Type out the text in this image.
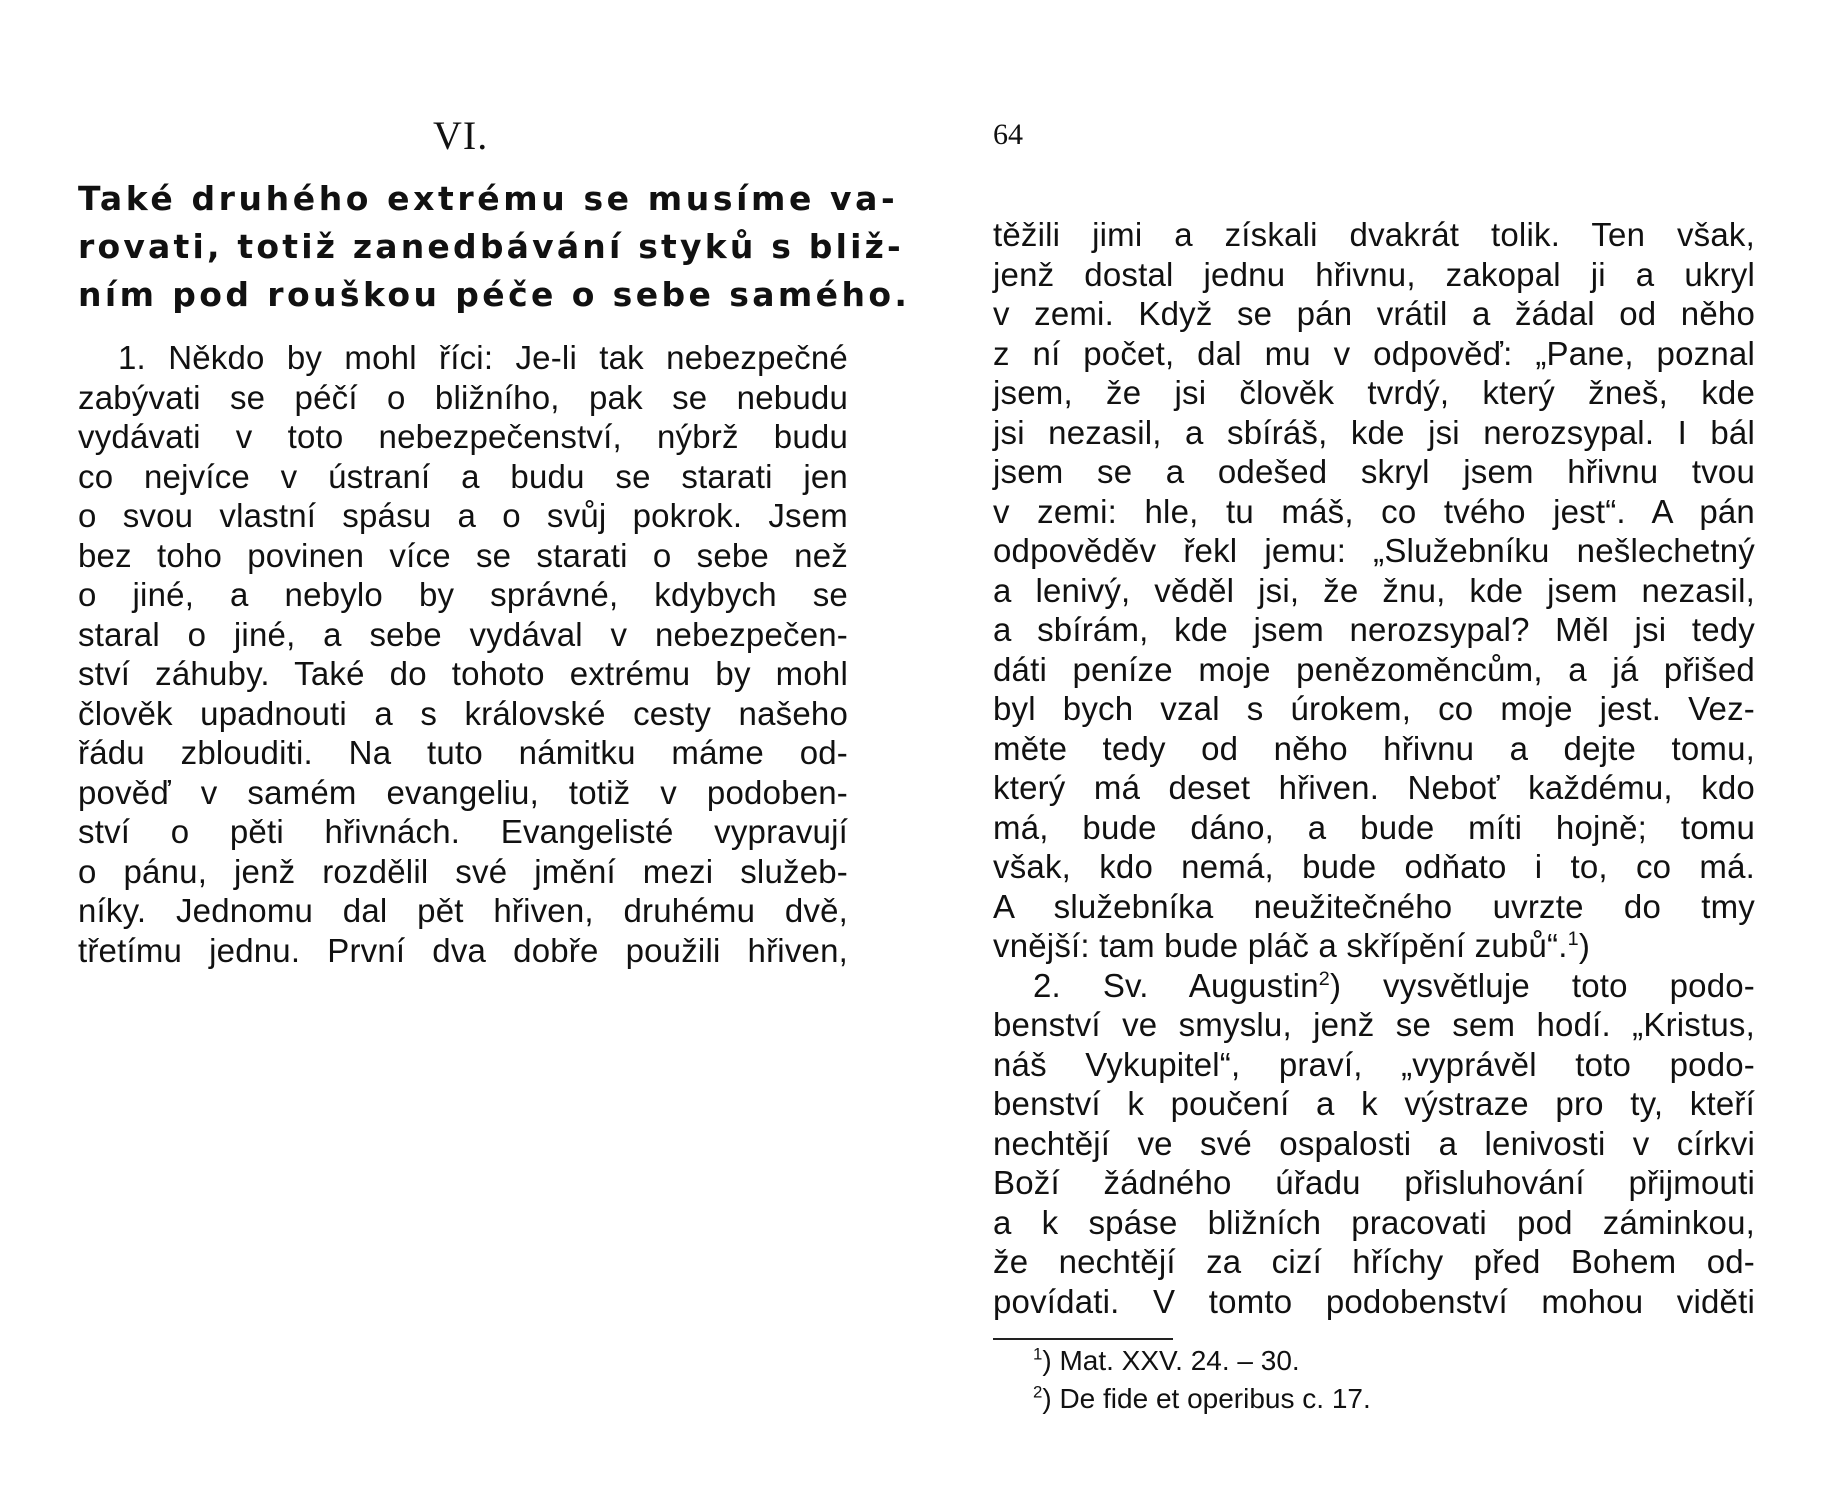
VI.
Také druhého extrému se musíme va-
rovati, totiž zanedbávání styků s bliž-
ním pod rouškou péče o sebe samého.
1. Někdo by mohl říci: Je-li tak nebezpečné
zabývati se péčí o bližního, pak se nebudu
vydávati v toto nebezpečenství, nýbrž budu
co nejvíce v ústraní a budu se starati jen
o svou vlastní spásu a o svůj pokrok. Jsem
bez toho povinen více se starati o sebe než
o jiné, a nebylo by správné, kdybych se
staral o jiné, a sebe vydával v nebezpečen-
ství záhuby. Také do tohoto extrému by mohl
člověk upadnouti a s královské cesty našeho
řádu zblouditi. Na tuto námitku máme od-
pověď v samém evangeliu, totiž v podoben-
ství o pěti hřivnách. Evangelisté vypravují
o pánu, jenž rozdělil své jmění mezi služeb-
níky. Jednomu dal pět hřiven, druhému dvě,
třetímu jednu. První dva dobře použili hřiven,
64
těžili jimi a získali dvakrát tolik. Ten však,
jenž dostal jednu hřivnu, zakopal ji a ukryl
v zemi. Když se pán vrátil a žádal od něho
z ní počet, dal mu v odpověď: „Pane, poznal
jsem, že jsi člověk tvrdý, který žneš, kde
jsi nezasil, a sbíráš, kde jsi nerozsypal. I bál
jsem se a odešed skryl jsem hřivnu tvou
v zemi: hle, tu máš, co tvého jest“. A pán
odpověděv řekl jemu: „Služebníku nešlechetný
a lenivý, věděl jsi, že žnu, kde jsem nezasil,
a sbírám, kde jsem nerozsypal? Měl jsi tedy
dáti peníze moje penězoměncům, a já přišed
byl bych vzal s úrokem, co moje jest. Vez-
měte tedy od něho hřivnu a dejte tomu,
který má deset hřiven. Neboť každému, kdo
má, bude dáno, a bude míti hojně; tomu
však, kdo nemá, bude odňato i to, co má.
A služebníka neužitečného uvrzte do tmy
vnější: tam bude pláč a skřípění zubů“.$^1$)
2. Sv. Augustin$^2$) vysvětluje toto podo-
benství ve smyslu, jenž se sem hodí. „Kristus,
náš Vykupitel“, praví, „vyprávěl toto podo-
benství k poučení a k výstraze pro ty, kteří
nechtějí ve své ospalosti a lenivosti v církvi
Boží žádného úřadu přisluhování přijmouti
a k spáse bližních pracovati pod záminkou,
že nechtějí za cizí hříchy před Bohem od-
povídati. V tomto podobenství mohou viděti
$^1$) Mat. XXV. 24. – 30.
$^2$) De fide et operibus c. 17.
